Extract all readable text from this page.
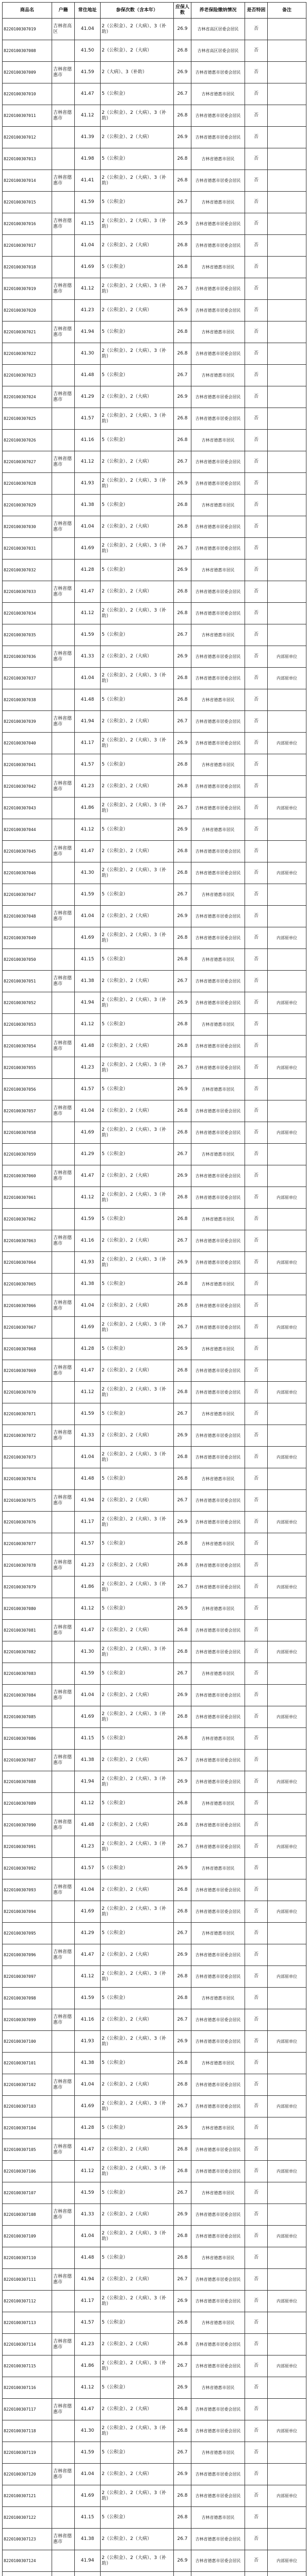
商品名	户籍	常住地址	参保次数（含本年）	应保人数	养老保险缴纳情况	是否特困	备注
8220100307019	吉林省高区	41.04	2（公积金）、2（大病）、3（补助）	26.9	吉林省高区居委会居民	否	
8220100307008		41.50	2（公积金）、2（大病）	26.8	吉林省高区居委会居民	否	
8220100307009	吉林省德惠市	41.59	2（大病）、3（补助）	26.9	吉林省德惠市居委会居民	否	
8220100307010		41.47	5（公积金）	26.7	吉林省德惠市居民	否	
8220100307011	吉林省德惠市	41.12	2（公积金）、2（大病）、3（补助）	26.8	吉林省德惠市居委会居民	否	
8220100307012		41.39	2（公积金）、2（大病）	26.9	吉林省德惠市居委会居民	否	
8220100307013		41.98	5（公积金）	26.8	吉林省德惠市居民	否	
8220100307014	吉林省德惠市	41.41	2（公积金）、2（大病）、3（补助）	26.8	吉林省德惠市居委会居民	否	
8220100307015		41.59	5（公积金）	26.7	吉林省德惠市居民	否	
8220100307016	吉林省德惠市	41.15	2（公积金）、2（大病）、3（补助）	26.9	吉林省德惠市居委会居民	否	
8220100307017		41.04	2（公积金）、2（大病）	26.8	吉林省德惠市居委会居民	否	
8220100307018		41.69	5（公积金）	26.8	吉林省德惠市居民	否	
8220100307019	吉林省德惠市	41.12	2（公积金）、2（大病）、3（补助）	26.7	吉林省德惠市居委会居民	否	
8220100307020		41.23	2（公积金）、2（大病）	26.9	吉林省德惠市居委会居民	否	
8220100307021	吉林省德惠市	41.94	5（公积金）	26.8	吉林省德惠市居民	否	
8220100307022		41.30	2（公积金）、2（大病）、3（补助）	26.8	吉林省德惠市居委会居民	否	
8220100307023		41.48	5（公积金）	26.7	吉林省德惠市居民	否	
8220100307024	吉林省德惠市	41.29	2（公积金）、2（大病）	26.9	吉林省德惠市居委会居民	否	
8220100307025		41.57	2（公积金）、2（大病）、3（补助）	26.8	吉林省德惠市居委会居民	否	
8220100307026		41.16	5（公积金）	26.8	吉林省德惠市居民	否	
8220100307027	吉林省德惠市	41.12	2（公积金）、2（大病）	26.7	吉林省德惠市居委会居民	否	
8220100307028		41.93	2（公积金）、2（大病）、3（补助）	26.9	吉林省德惠市居委会居民	否	
8220100307029		41.38	5（公积金）	26.8	吉林省德惠市居民	否	
8220100307030	吉林省德惠市	41.04	2（公积金）、2（大病）	26.8	吉林省德惠市居委会居民	否	
8220100307031		41.69	2（公积金）、2（大病）、3（补助）	26.7	吉林省德惠市居委会居民	否	
8220100307032		41.28	5（公积金）	26.9	吉林省德惠市居民	否	
8220100307033	吉林省德惠市	41.47	2（公积金）、2（大病）	26.8	吉林省德惠市居委会居民	否	
8220100307034		41.12	2（公积金）、2（大病）、3（补助）	26.8	吉林省德惠市居委会居民	否	
8220100307035		41.59	5（公积金）	26.7	吉林省德惠市居民	否	
8220100307036	吉林省德惠市	41.33	2（公积金）、2（大病）	26.9	吉林省德惠市居委会居民	否	内部原单位
8220100307037		41.04	2（公积金）、2（大病）、3（补助）	26.8	吉林省德惠市居委会居民	否	内部原单位
8220100307038		41.48	5（公积金）	26.8	吉林省德惠市居民	否	
8220100307039	吉林省德惠市	41.94	2（公积金）、2（大病）	26.7	吉林省德惠市居委会居民	否	
8220100307040		41.17	2（公积金）、2（大病）、3（补助）	26.9	吉林省德惠市居委会居民	否	内部原单位
8220100307041		41.57	5（公积金）	26.8	吉林省德惠市居民	否	
8220100307042	吉林省德惠市	41.23	2（公积金）、2（大病）	26.8	吉林省德惠市居委会居民	否	
8220100307043		41.86	2（公积金）、2（大病）、3（补助）	26.7	吉林省德惠市居委会居民	否	内部原单位
8220100307044		41.12	5（公积金）	26.9	吉林省德惠市居民	否	
8220100307045	吉林省德惠市	41.47	2（公积金）、2（大病）	26.8	吉林省德惠市居委会居民	否	
8220100307046		41.30	2（公积金）、2（大病）、3（补助）	26.8	吉林省德惠市居委会居民	否	内部原单位
8220100307047		41.59	5（公积金）	26.7	吉林省德惠市居民	否	
8220100307048	吉林省德惠市	41.04	2（公积金）、2（大病）	26.9	吉林省德惠市居委会居民	否	
8220100307049		41.69	2（公积金）、2（大病）、3（补助）	26.8	吉林省德惠市居委会居民	否	内部原单位
8220100307050		41.15	5（公积金）	26.8	吉林省德惠市居民	否	
8220100307051	吉林省德惠市	41.38	2（公积金）、2（大病）	26.7	吉林省德惠市居委会居民	否	
8220100307052		41.94	2（公积金）、2（大病）、3（补助）	26.9	吉林省德惠市居委会居民	否	内部原单位
8220100307053		41.12	5（公积金）	26.8	吉林省德惠市居民	否	
8220100307054	吉林省德惠市	41.48	2（公积金）、2（大病）	26.8	吉林省德惠市居委会居民	否	
8220100307055		41.23	2（公积金）、2（大病）、3（补助）	26.7	吉林省德惠市居委会居民	否	内部原单位
8220100307056		41.57	5（公积金）	26.9	吉林省德惠市居民	否	
8220100307057	吉林省德惠市	41.04	2（公积金）、2（大病）	26.8	吉林省德惠市居委会居民	否	
8220100307058		41.69	2（公积金）、2（大病）、3（补助）	26.8	吉林省德惠市居委会居民	否	内部原单位
8220100307059		41.29	5（公积金）	26.7	吉林省德惠市居民	否	
8220100307060	吉林省德惠市	41.47	2（公积金）、2（大病）	26.9	吉林省德惠市居委会居民	否	
8220100307061		41.12	2（公积金）、2（大病）、3（补助）	26.8	吉林省德惠市居委会居民	否	内部原单位
8220100307062		41.59	5（公积金）	26.8	吉林省德惠市居民	否	
8220100307063	吉林省德惠市	41.16	2（公积金）、2（大病）	26.7	吉林省德惠市居委会居民	否	
8220100307064		41.93	2（公积金）、2（大病）、3（补助）	26.9	吉林省德惠市居委会居民	否	内部原单位
8220100307065		41.38	5（公积金）	26.8	吉林省德惠市居民	否	
8220100307066	吉林省德惠市	41.04	2（公积金）、2（大病）	26.8	吉林省德惠市居委会居民	否	
8220100307067		41.69	2（公积金）、2（大病）、3（补助）	26.7	吉林省德惠市居委会居民	否	内部原单位
8220100307068		41.28	5（公积金）	26.9	吉林省德惠市居民	否	
8220100307069	吉林省德惠市	41.47	2（公积金）、2（大病）	26.8	吉林省德惠市居委会居民	否	
8220100307070		41.12	2（公积金）、2（大病）、3（补助）	26.8	吉林省德惠市居委会居民	否	内部原单位
8220100307071		41.59	5（公积金）	26.7	吉林省德惠市居民	否	
8220100307072	吉林省德惠市	41.33	2（公积金）、2（大病）	26.9	吉林省德惠市居委会居民	否	
8220100307073		41.04	2（公积金）、2（大病）、3（补助）	26.8	吉林省德惠市居委会居民	否	内部原单位
8220100307074		41.48	5（公积金）	26.8	吉林省德惠市居民	否	
8220100307075	吉林省德惠市	41.94	2（公积金）、2（大病）	26.7	吉林省德惠市居委会居民	否	
8220100307076		41.17	2（公积金）、2（大病）、3（补助）	26.9	吉林省德惠市居委会居民	否	内部原单位
8220100307077		41.57	5（公积金）	26.8	吉林省德惠市居民	否	
8220100307078	吉林省德惠市	41.23	2（公积金）、2（大病）	26.8	吉林省德惠市居委会居民	否	
8220100307079		41.86	2（公积金）、2（大病）、3（补助）	26.7	吉林省德惠市居委会居民	否	内部原单位
8220100307080		41.12	5（公积金）	26.9	吉林省德惠市居民	否	
8220100307081	吉林省德惠市	41.47	2（公积金）、2（大病）	26.8	吉林省德惠市居委会居民	否	
8220100307082		41.30	2（公积金）、2（大病）、3（补助）	26.8	吉林省德惠市居委会居民	否	内部原单位
8220100307083		41.59	5（公积金）	26.7	吉林省德惠市居民	否	
8220100307084	吉林省德惠市	41.04	2（公积金）、2（大病）	26.9	吉林省德惠市居委会居民	否	
8220100307085		41.69	2（公积金）、2（大病）、3（补助）	26.8	吉林省德惠市居委会居民	否	内部原单位
8220100307086		41.15	5（公积金）	26.8	吉林省德惠市居民	否	
8220100307087	吉林省德惠市	41.38	2（公积金）、2（大病）	26.7	吉林省德惠市居委会居民	否	
8220100307088		41.94	2（公积金）、2（大病）、3（补助）	26.9	吉林省德惠市居委会居民	否	内部原单位
8220100307089		41.12	5（公积金）	26.8	吉林省德惠市居民	否	
8220100307090	吉林省德惠市	41.48	2（公积金）、2（大病）	26.8	吉林省德惠市居委会居民	否	
8220100307091		41.23	2（公积金）、2（大病）、3（补助）	26.7	吉林省德惠市居委会居民	否	内部原单位
8220100307092		41.57	5（公积金）	26.9	吉林省德惠市居民	否	
8220100307093	吉林省德惠市	41.04	2（公积金）、2（大病）	26.8	吉林省德惠市居委会居民	否	
8220100307094		41.69	2（公积金）、2（大病）、3（补助）	26.8	吉林省德惠市居委会居民	否	内部原单位
8220100307095		41.29	5（公积金）	26.7	吉林省德惠市居民	否	
8220100307096	吉林省德惠市	41.47	2（公积金）、2（大病）	26.9	吉林省德惠市居委会居民	否	
8220100307097		41.12	2（公积金）、2（大病）、3（补助）	26.8	吉林省德惠市居委会居民	否	内部原单位
8220100307098		41.59	5（公积金）	26.8	吉林省德惠市居民	否	
8220100307099	吉林省德惠市	41.16	2（公积金）、2（大病）	26.7	吉林省德惠市居委会居民	否	
8220100307100		41.93	2（公积金）、2（大病）、3（补助）	26.9	吉林省德惠市居委会居民	否	内部原单位
8220100307101		41.38	5（公积金）	26.8	吉林省德惠市居民	否	
8220100307102	吉林省德惠市	41.04	2（公积金）、2（大病）	26.8	吉林省德惠市居委会居民	否	
8220100307103		41.69	2（公积金）、2（大病）、3（补助）	26.7	吉林省德惠市居委会居民	否	内部原单位
8220100307104		41.28	5（公积金）	26.9	吉林省德惠市居民	否	
8220100307105	吉林省德惠市	41.47	2（公积金）、2（大病）	26.8	吉林省德惠市居委会居民	否	
8220100307106		41.12	2（公积金）、2（大病）、3（补助）	26.8	吉林省德惠市居委会居民	否	内部原单位
8220100307107		41.59	5（公积金）	26.7	吉林省德惠市居民	否	
8220100307108	吉林省德惠市	41.33	2（公积金）、2（大病）	26.9	吉林省德惠市居委会居民	否	
8220100307109		41.04	2（公积金）、2（大病）、3（补助）	26.8	吉林省德惠市居委会居民	否	内部原单位
8220100307110		41.48	5（公积金）	26.8	吉林省德惠市居民	否	
8220100307111	吉林省德惠市	41.94	2（公积金）、2（大病）	26.7	吉林省德惠市居委会居民	否	
8220100307112		41.17	2（公积金）、2（大病）、3（补助）	26.9	吉林省德惠市居委会居民	否	内部原单位
8220100307113		41.57	5（公积金）	26.8	吉林省德惠市居民	否	
8220100307114	吉林省德惠市	41.23	2（公积金）、2（大病）	26.8	吉林省德惠市居委会居民	否	
8220100307115		41.86	2（公积金）、2（大病）、3（补助）	26.7	吉林省德惠市居委会居民	否	内部原单位
8220100307116		41.12	5（公积金）	26.9	吉林省德惠市居民	否	
8220100307117	吉林省德惠市	41.47	2（公积金）、2（大病）	26.8	吉林省德惠市居委会居民	否	
8220100307118		41.30	2（公积金）、2（大病）、3（补助）	26.8	吉林省德惠市居委会居民	否	内部原单位
8220100307119		41.59	5（公积金）	26.7	吉林省德惠市居民	否	
8220100307120	吉林省德惠市	41.04	2（公积金）、2（大病）	26.9	吉林省德惠市居委会居民	否	
8220100307121		41.69	2（公积金）、2（大病）、3（补助）	26.8	吉林省德惠市居委会居民	否	内部原单位
8220100307122		41.15	5（公积金）	26.8	吉林省德惠市居民	否	
8220100307123	吉林省德惠市	41.38	2（公积金）、2（大病）	26.7	吉林省德惠市居委会居民	否	
8220100307124		41.94	2（公积金）、2（大病）、3（补助）	26.9	吉林省德惠市居委会居民	否	内部原单位
